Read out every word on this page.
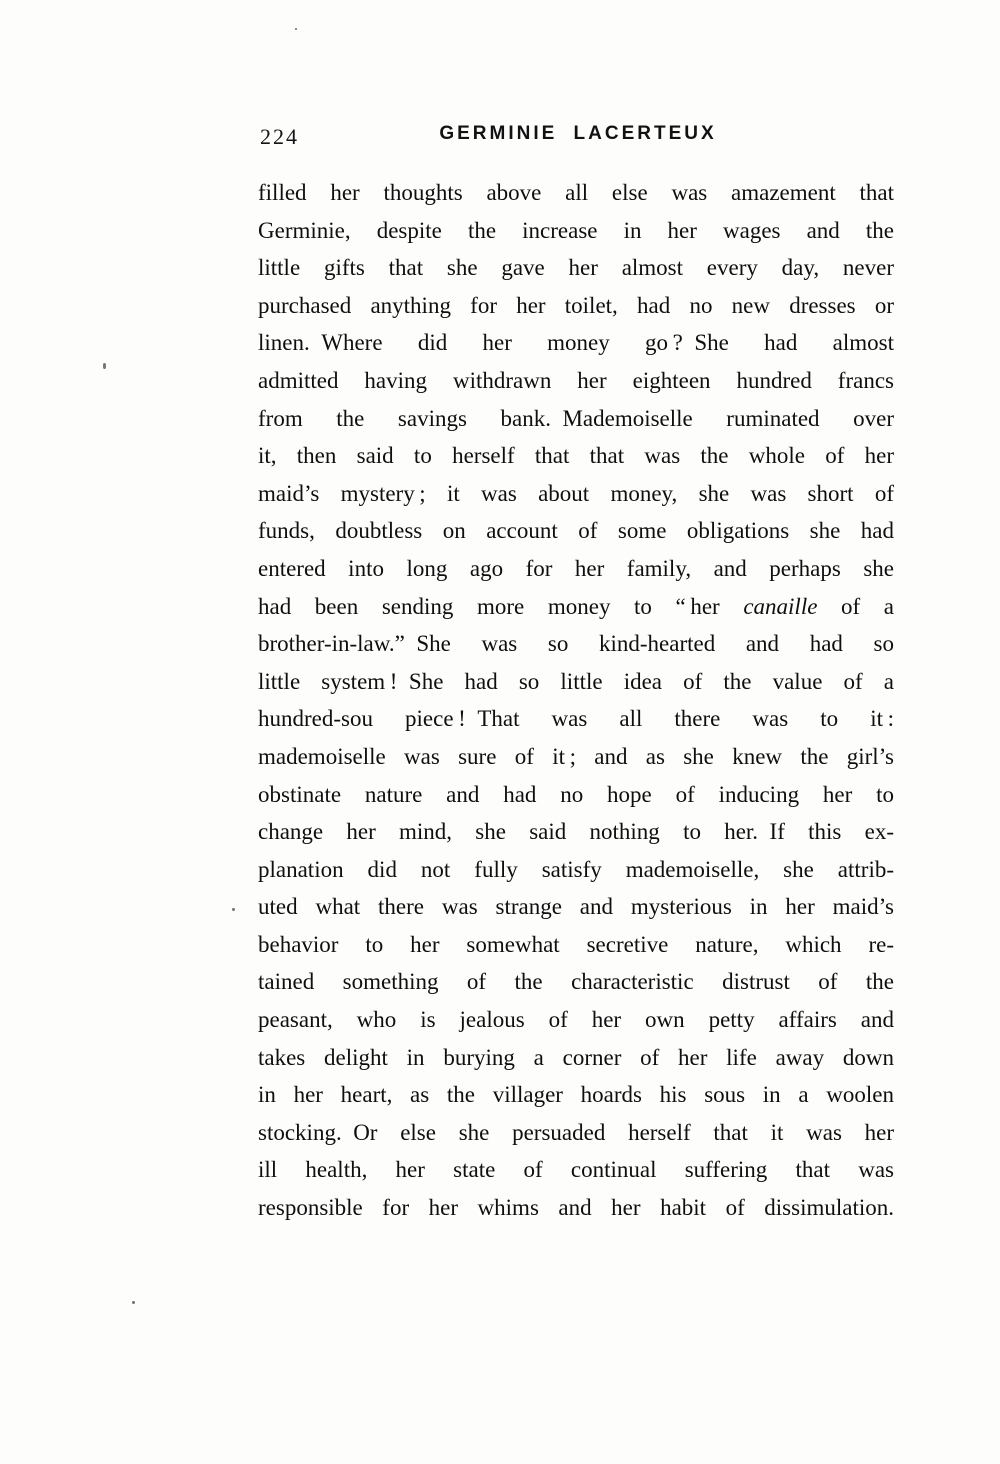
224	GERMINIE LACERTEUX
filled her thoughts above all else was amazement that
Germinie, despite the increase in her wages and the
little gifts that she gave her almost every day, never
purchased anything for her toilet, had no new dresses or
linen. Where did her money go ? She had almost
admitted having withdrawn her eighteen hundred francs
from the savings bank. Mademoiselle ruminated over
it, then said to herself that that was the whole of her
maid’s mystery ; it was about money, she was short of
funds, doubtless on account of some obligations she had
entered into long ago for her family, and perhaps she
had been sending more money to “ her canaille of a
brother-in-law.” She was so kind-hearted and had so
little system ! She had so little idea of the value of a
hundred-sou piece ! That was all there was to it :
mademoiselle was sure of it ; and as she knew the girl’s
obstinate nature and had no hope of inducing her to
change her mind, she said nothing to her. If this ex-
planation did not fully satisfy mademoiselle, she attrib-
uted what there was strange and mysterious in her maid’s
behavior to her somewhat secretive nature, which re-
tained something of the characteristic distrust of the
peasant, who is jealous of her own petty affairs and
takes delight in burying a corner of her life away down
in her heart, as the villager hoards his sous in a woolen
stocking. Or else she persuaded herself that it was her
ill health, her state of continual suffering that was
responsible for her whims and her habit of dissimulation.
